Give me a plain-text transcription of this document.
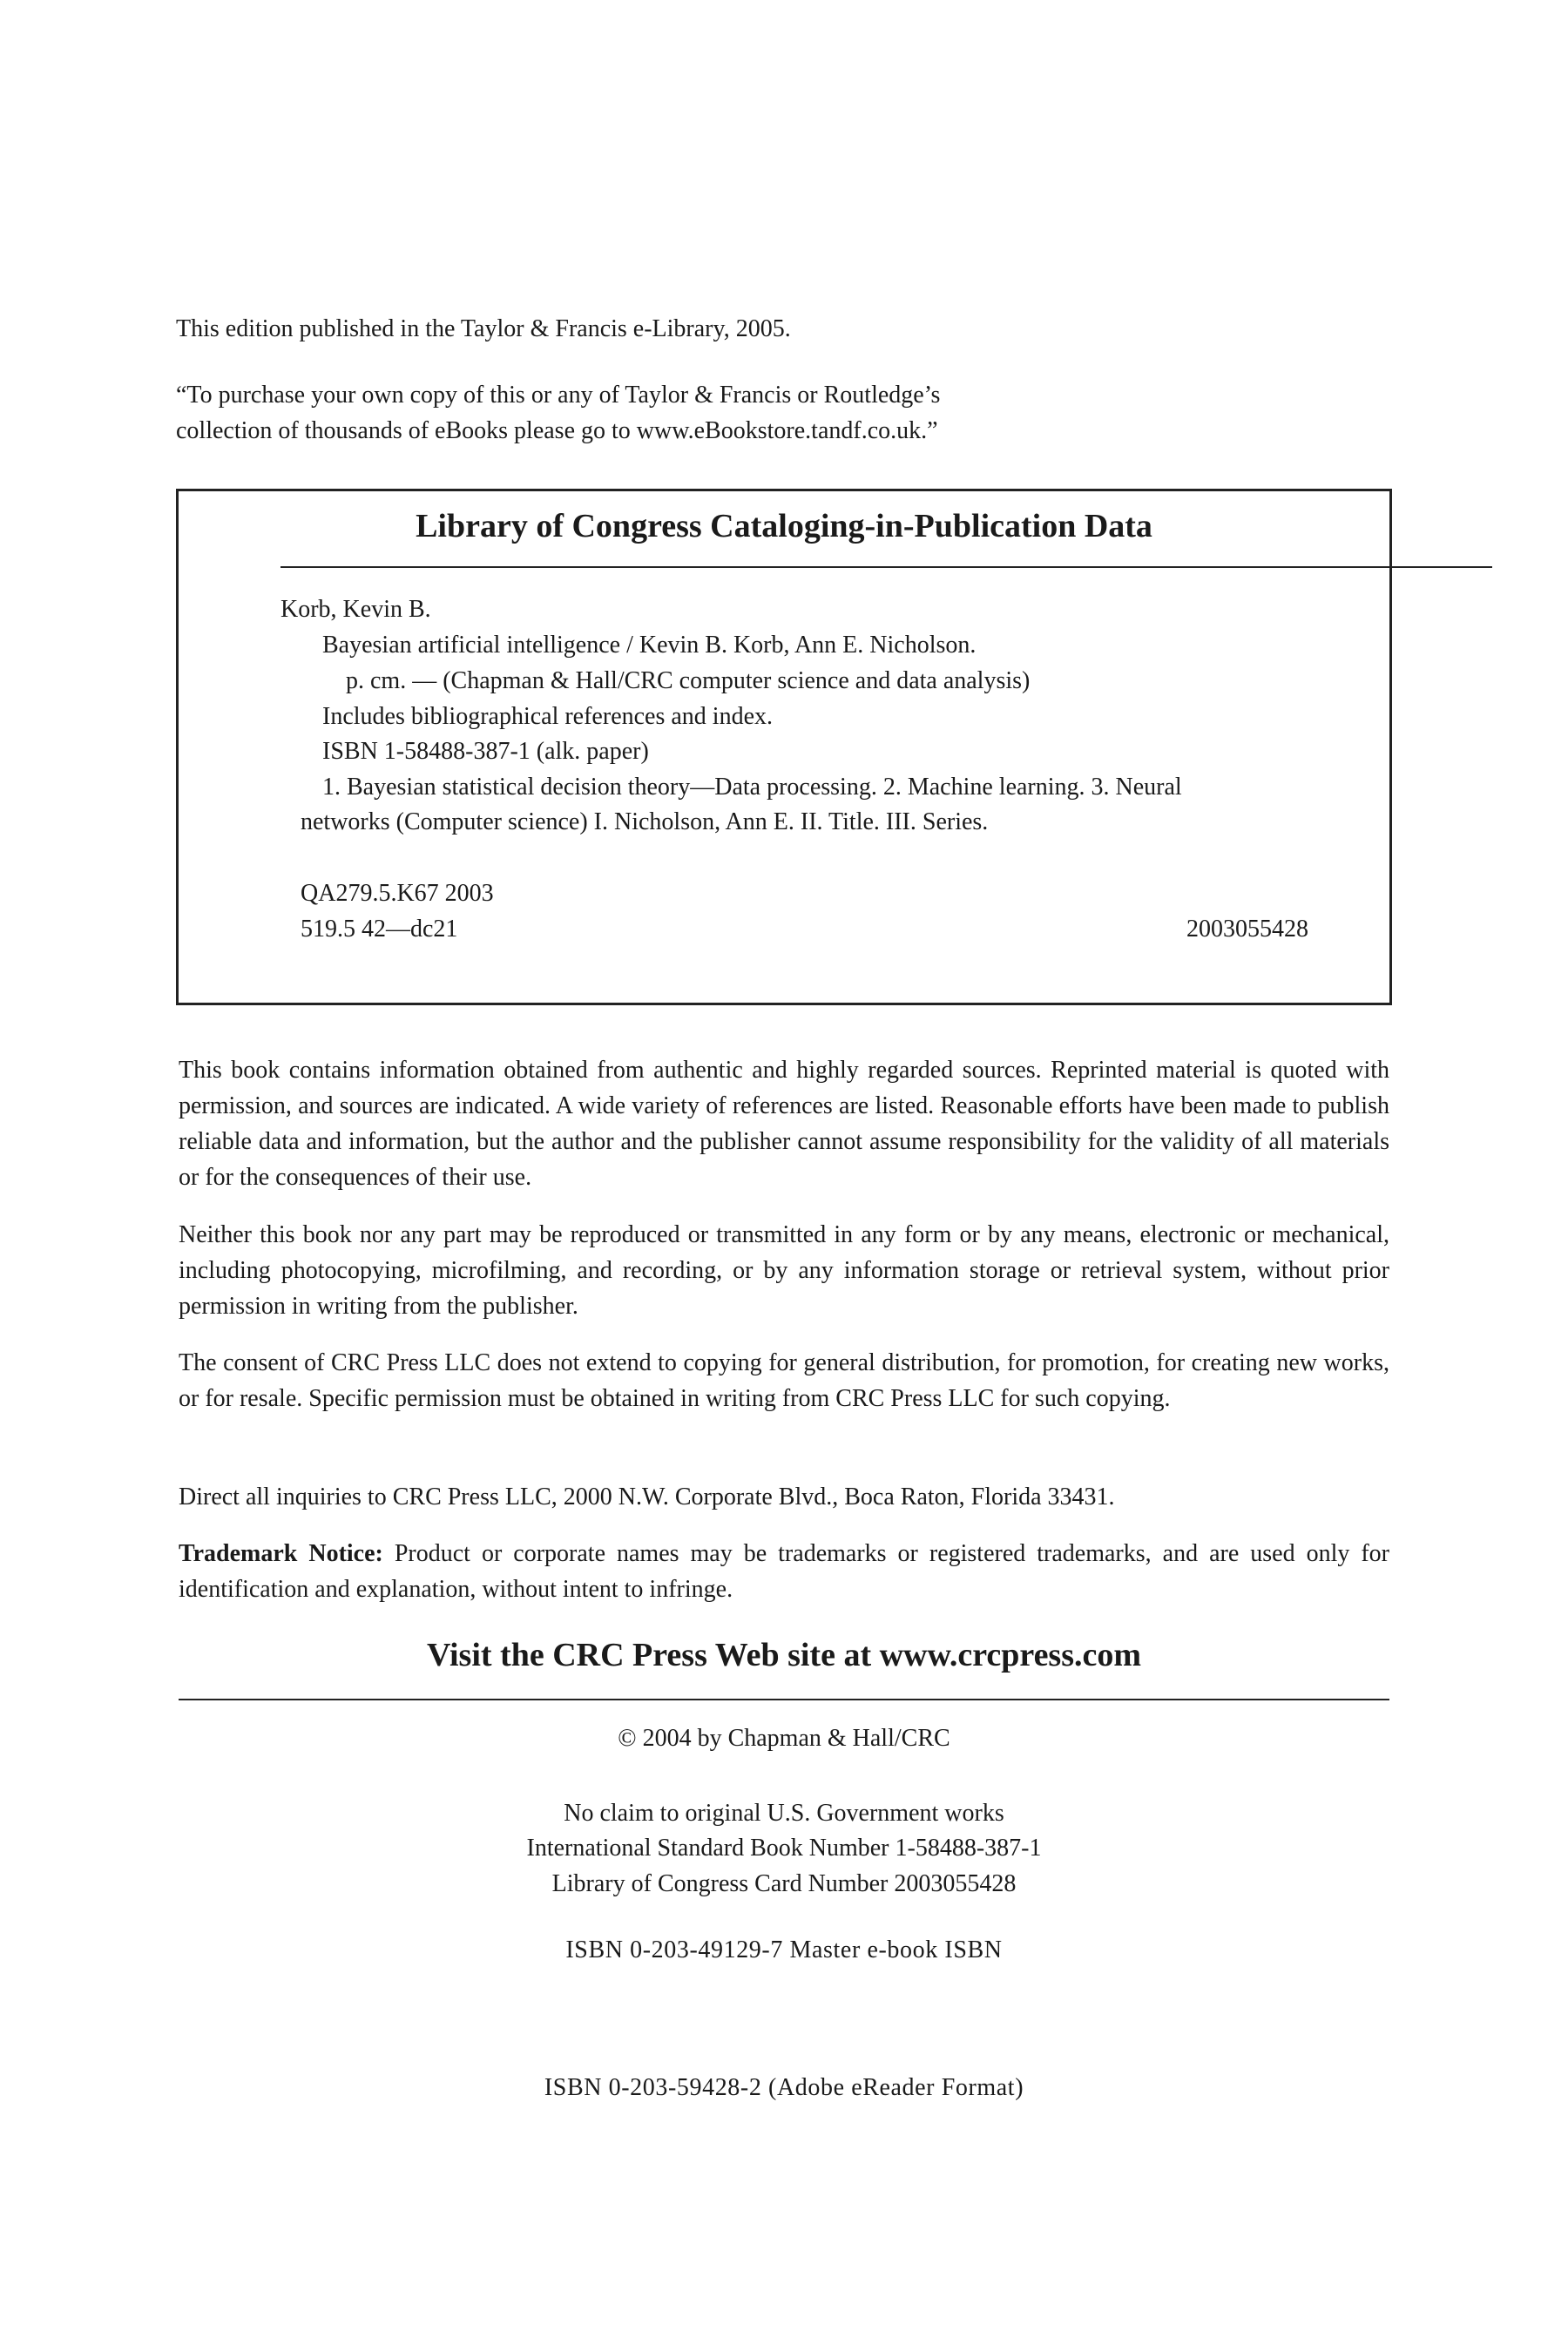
This edition published in the Taylor & Francis e-Library, 2005.
“To purchase your own copy of this or any of Taylor & Francis or Routledge’s
collection of thousands of eBooks please go to www.eBookstore.tandf.co.uk.”
Library of Congress Cataloging-in-Publication Data
Korb, Kevin B.
Bayesian artificial intelligence / Kevin B. Korb, Ann E. Nicholson.
p. cm. — (Chapman & Hall/CRC computer science and data analysis)
Includes bibliographical references and index.
ISBN 1-58488-387-1 (alk. paper)
1. Bayesian statistical decision theory—Data processing. 2. Machine learning. 3. Neural
networks (Computer science) I. Nicholson, Ann E. II. Title. III. Series.
QA279.5.K67 2003
519.5 42—dc21	2003055428
This book contains information obtained from authentic and highly regarded sources. Reprinted material is quoted with permission, and sources are indicated. A wide variety of references are listed. Reasonable efforts have been made to publish reliable data and information, but the author and the publisher cannot assume responsibility for the validity of all materials or for the consequences of their use.
Neither this book nor any part may be reproduced or transmitted in any form or by any means, electronic or mechanical, including photocopying, microfilming, and recording, or by any information storage or retrieval system, without prior permission in writing from the publisher.
The consent of CRC Press LLC does not extend to copying for general distribution, for promotion, for creating new works, or for resale. Specific permission must be obtained in writing from CRC Press LLC for such copying.
Direct all inquiries to CRC Press LLC, 2000 N.W. Corporate Blvd., Boca Raton, Florida 33431.
Trademark Notice: Product or corporate names may be trademarks or registered trademarks, and are used only for identification and explanation, without intent to infringe.
Visit the CRC Press Web site at www.crcpress.com
© 2004 by Chapman & Hall/CRC
No claim to original U.S. Government works
International Standard Book Number 1-58488-387-1
Library of Congress Card Number 2003055428
ISBN 0-203-49129-7 Master e-book ISBN
ISBN 0-203-59428-2 (Adobe eReader Format)
